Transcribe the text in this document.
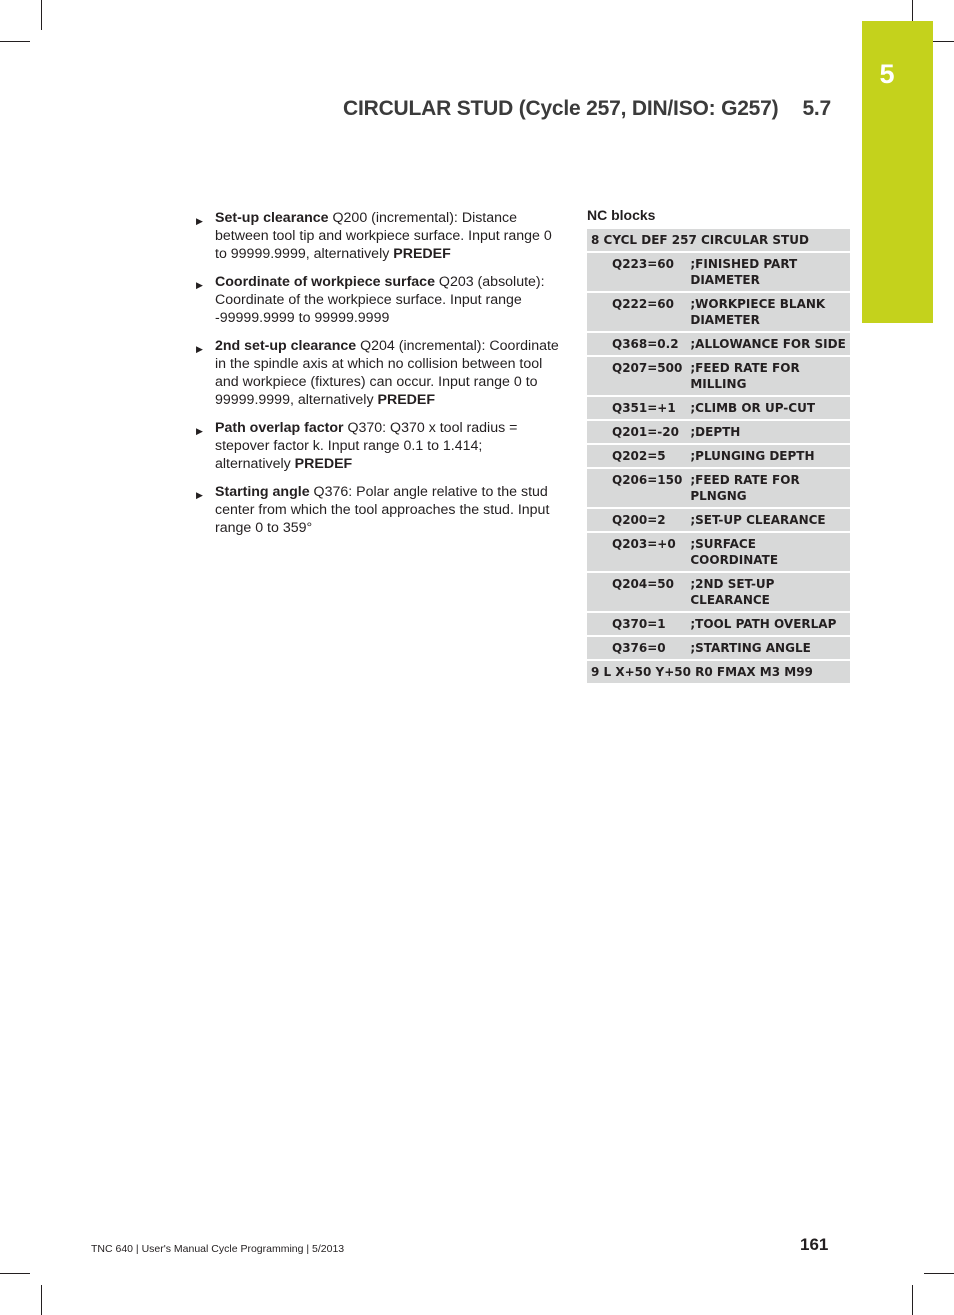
5
CIRCULAR STUD (Cycle 257, DIN/ISO: G257) 5.7
▶ Set-up clearance Q200 (incremental): Distance between tool tip and workpiece surface. Input range 0 to 99999.9999, alternatively PREDEF
▶ Coordinate of workpiece surface Q203 (absolute): Coordinate of the workpiece surface. Input range -99999.9999 to 99999.9999
▶ 2nd set-up clearance Q204 (incremental): Coordinate in the spindle axis at which no collision between tool and workpiece (fixtures) can occur. Input range 0 to 99999.9999, alternatively PREDEF
▶ Path overlap factor Q370: Q370 x tool radius = stepover factor k. Input range 0.1 to 1.414; alternatively PREDEF
▶ Starting angle Q376: Polar angle relative to the stud center from which the tool approaches the stud. Input range 0 to 359°
NC blocks
8 CYCL DEF 257 CIRCULAR STUD	
Q223=60	;FINISHED PART DIAMETER
Q222=60	;WORKPIECE BLANK DIAMETER
Q368=0.2	;ALLOWANCE FOR SIDE
Q207=500	;FEED RATE FOR MILLING
Q351=+1	;CLIMB OR UP-CUT
Q201=-20	;DEPTH
Q202=5	;PLUNGING DEPTH
Q206=150	;FEED RATE FOR PLNGNG
Q200=2	;SET-UP CLEARANCE
Q203=+0	;SURFACE COORDINATE
Q204=50	;2ND SET-UP CLEARANCE
Q370=1	;TOOL PATH OVERLAP
Q376=0	;STARTING ANGLE
9 L X+50 Y+50 R0 FMAX M3 M99	
TNC 640 | User's Manual Cycle Programming | 5/2013	161
